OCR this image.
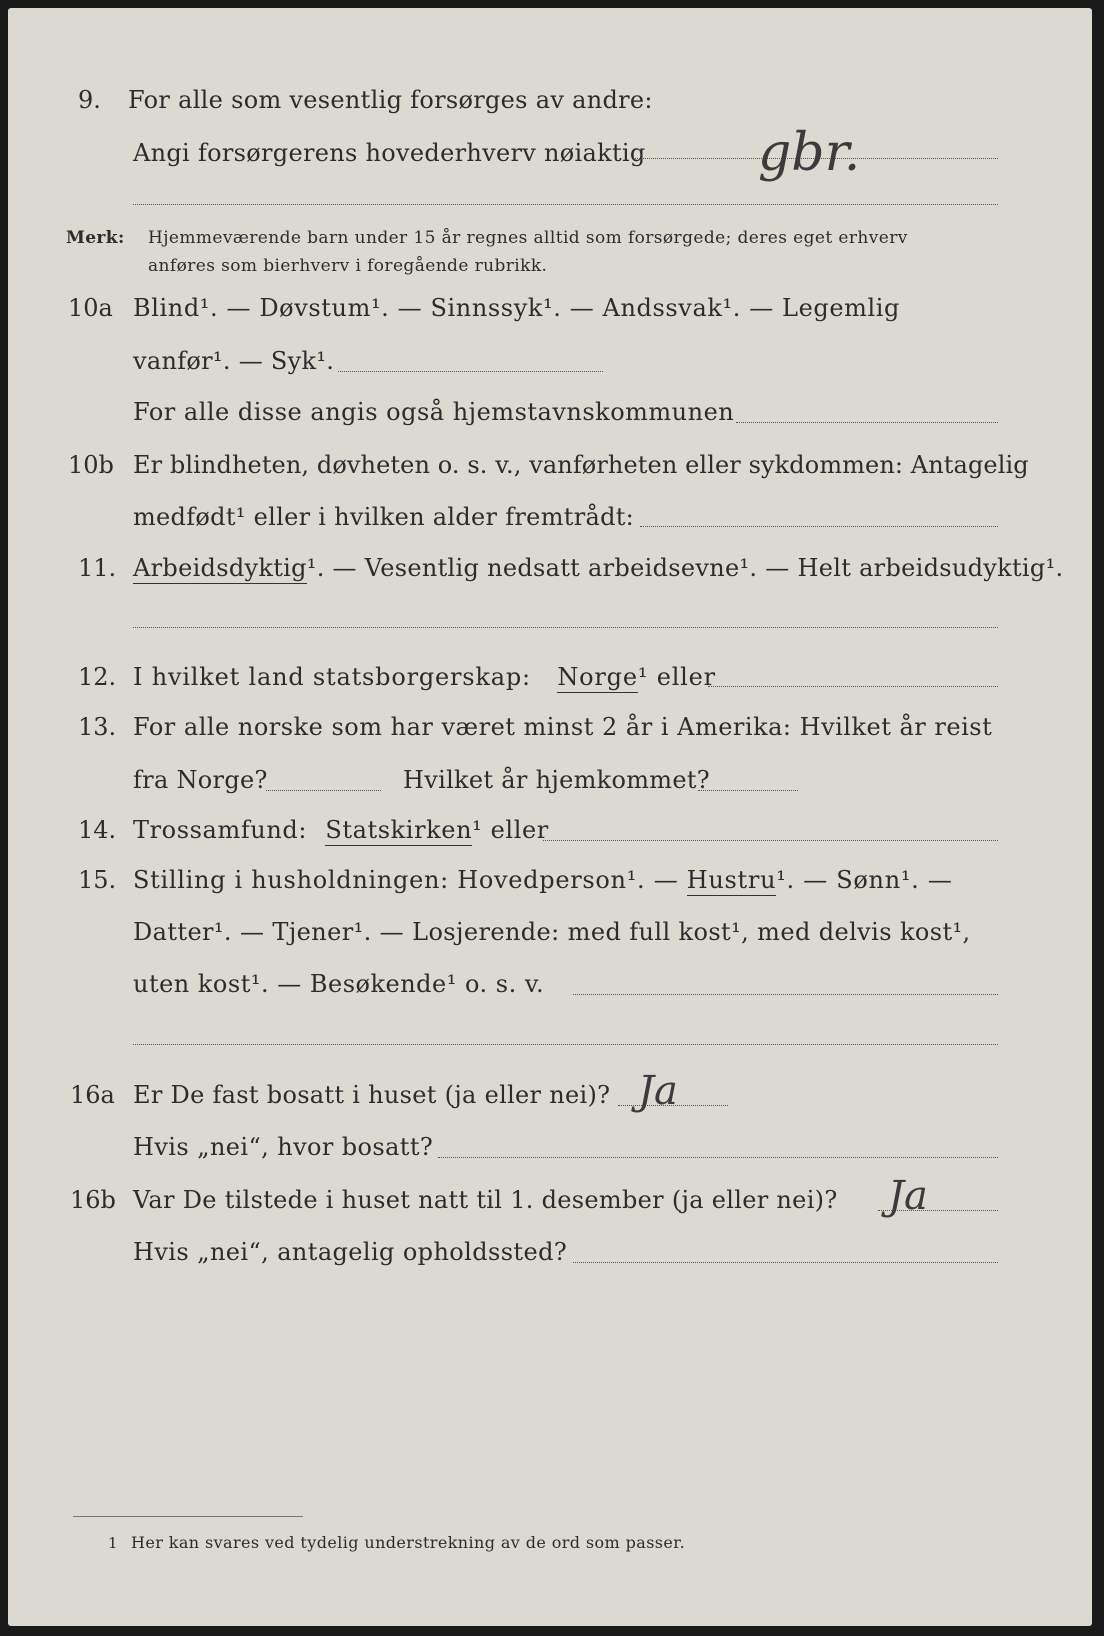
9. For alle som vesentlig forsørges av andre:
Angi forsørgerens hovederhverv nøiaktig gbr.
Merk: Hjemmeværende barn under 15 år regnes alltid som forsørgede; deres eget erhverv
anføres som bierhverv i foregående rubrikk.
10a Blind¹. — Døvstum¹. — Sinnssyk¹. — Andssvak¹. — Legemlig
vanfør¹. — Syk¹.
For alle disse angis også hjemstavnskommunen
10b Er blindheten, døvheten o. s. v., vanførheten eller sykdommen: Antagelig
medfødt¹ eller i hvilken alder fremtrådt:
11. Arbeidsdyktig¹. — Vesentlig nedsatt arbeidsevne¹. — Helt arbeidsudyktig¹.
12. I hvilket land statsborgerskap: Norge¹ eller
13. For alle norske som har været minst 2 år i Amerika: Hvilket år reist
fra Norge?	Hvilket år hjemkommet?
14. Trossamfund: Statskirken¹ eller
15. Stilling i husholdningen: Hovedperson¹. — Hustru¹. — Sønn¹. —
Datter¹. — Tjener¹. — Losjerende: med full kost¹, med delvis kost¹,
uten kost¹. — Besøkende¹ o. s. v.
16a Er De fast bosatt i huset (ja eller nei)? Ja
Hvis „nei“, hvor bosatt?
16b Var De tilstede i huset natt til 1. desember (ja eller nei)? Ja
Hvis „nei“, antagelig opholdssted?
1 Her kan svares ved tydelig understrekning av de ord som passer.
